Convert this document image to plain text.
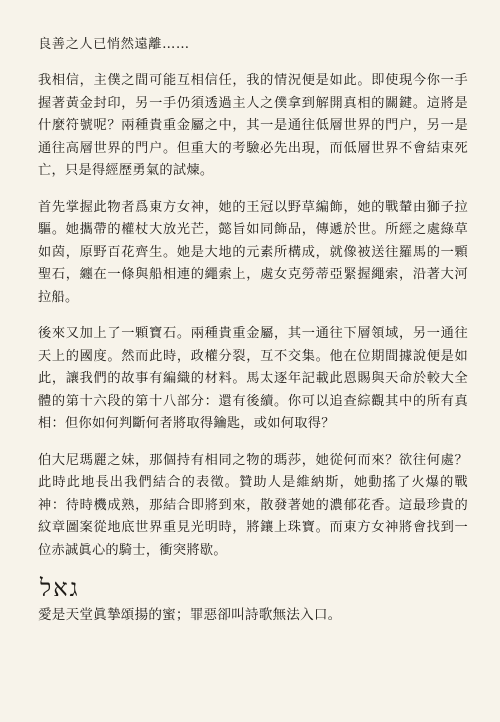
良善之人已悄然遠離……

我相信，主僕之間可能互相信任，我的情況便是如此。即使現今你一手握著黃金封印，另一手仍須透過主人之僕拿到解開真相的關鍵。這將是什麼符號呢？兩種貴重金屬之中，其一是通往低層世界的門户，另一是通往高層世界的門户。但重大的考驗必先出現，而低層世界不會結束死亡，只是得經歷勇氣的試煉。

首先掌握此物者爲東方女神，她的王冠以野草編飾，她的戰輦由獅子拉驅。她攜帶的權杖大放光芒，懿旨如同飾品，傳遞於世。所經之處綠草如茵，原野百花齊生。她是大地的元素所構成，就像被送往羅馬的一顆聖石，纏在一條與船相連的繩索上，處女克勞蒂亞緊握繩索，沿著大河拉船。

後來又加上了一顆寶石。兩種貴重金屬，其一通往下層領域，另一通往天上的國度。然而此時，政權分裂，互不交集。他在位期間據說便是如此，讓我們的故事有編織的材料。馬太逐年記載此恩賜與天命於較大全體的第十六段的第十八部分：還有後續。你可以追查綜觀其中的所有真相：但你如何判斷何者將取得鑰匙，或如何取得？

伯大尼瑪麗之妹，那個持有相同之物的瑪莎，她從何而來？欲往何處？此時此地長出我們結合的表徵。贊助人是維納斯，她動搖了火爆的戰神：待時機成熟，那結合即將到來，散發著她的濃郁花香。這最珍貴的紋章圖案從地底世界重見光明時，將鑲上珠寶。而東方女神將會找到一位赤誠眞心的騎士，衝突將歇。

גאל

愛是天堂眞摯頌揚的蜜；罪惡卻叫詩歌無法入口。
